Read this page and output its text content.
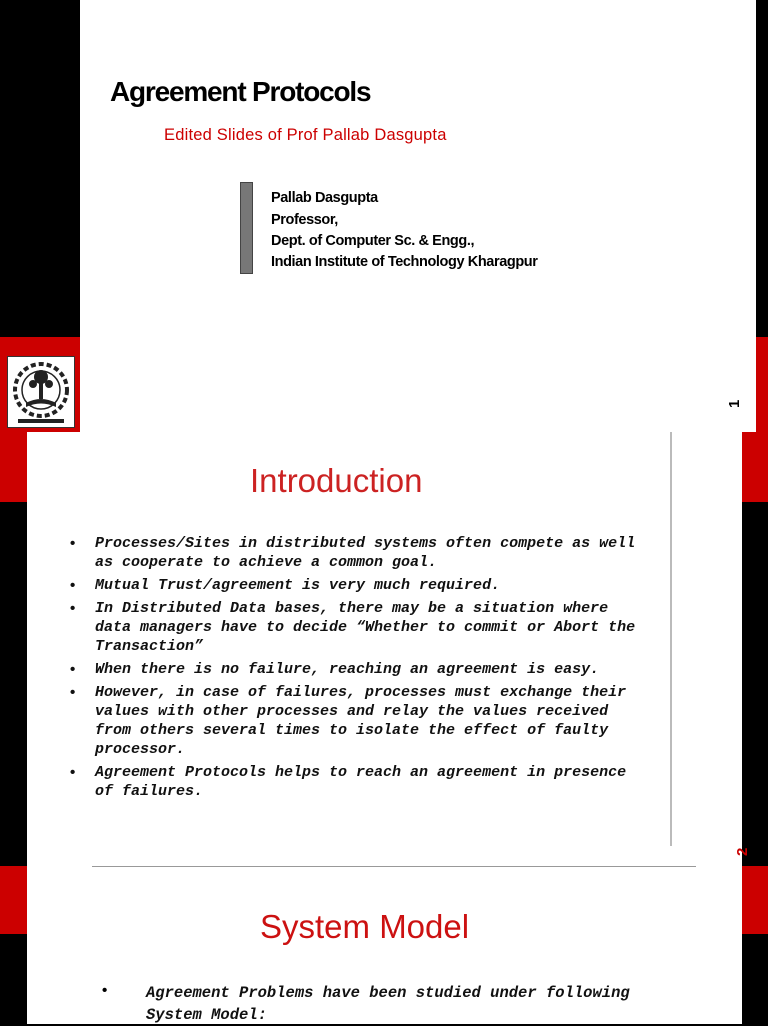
Agreement Protocols
Edited Slides of Prof Pallab Dasgupta
Pallab Dasgupta
Professor,
Dept. of Computer Sc. & Engg.,
Indian Institute of Technology Kharagpur
1
Introduction
• Processes/Sites in distributed systems often compete as well as cooperate to achieve a common goal.
• Mutual Trust/agreement is very much required.
• In Distributed Data bases, there may be a situation where data managers have to decide “Whether to commit or Abort the Transaction”
• When there is no failure, reaching an agreement is easy.
• However, in case of failures, processes must exchange their values with other processes and relay the values received from others several times to isolate the effect of faulty processor.
• Agreement Protocols helps to reach an agreement in presence of failures.
2
System Model
• Agreement Problems have been studied under following System Model:
